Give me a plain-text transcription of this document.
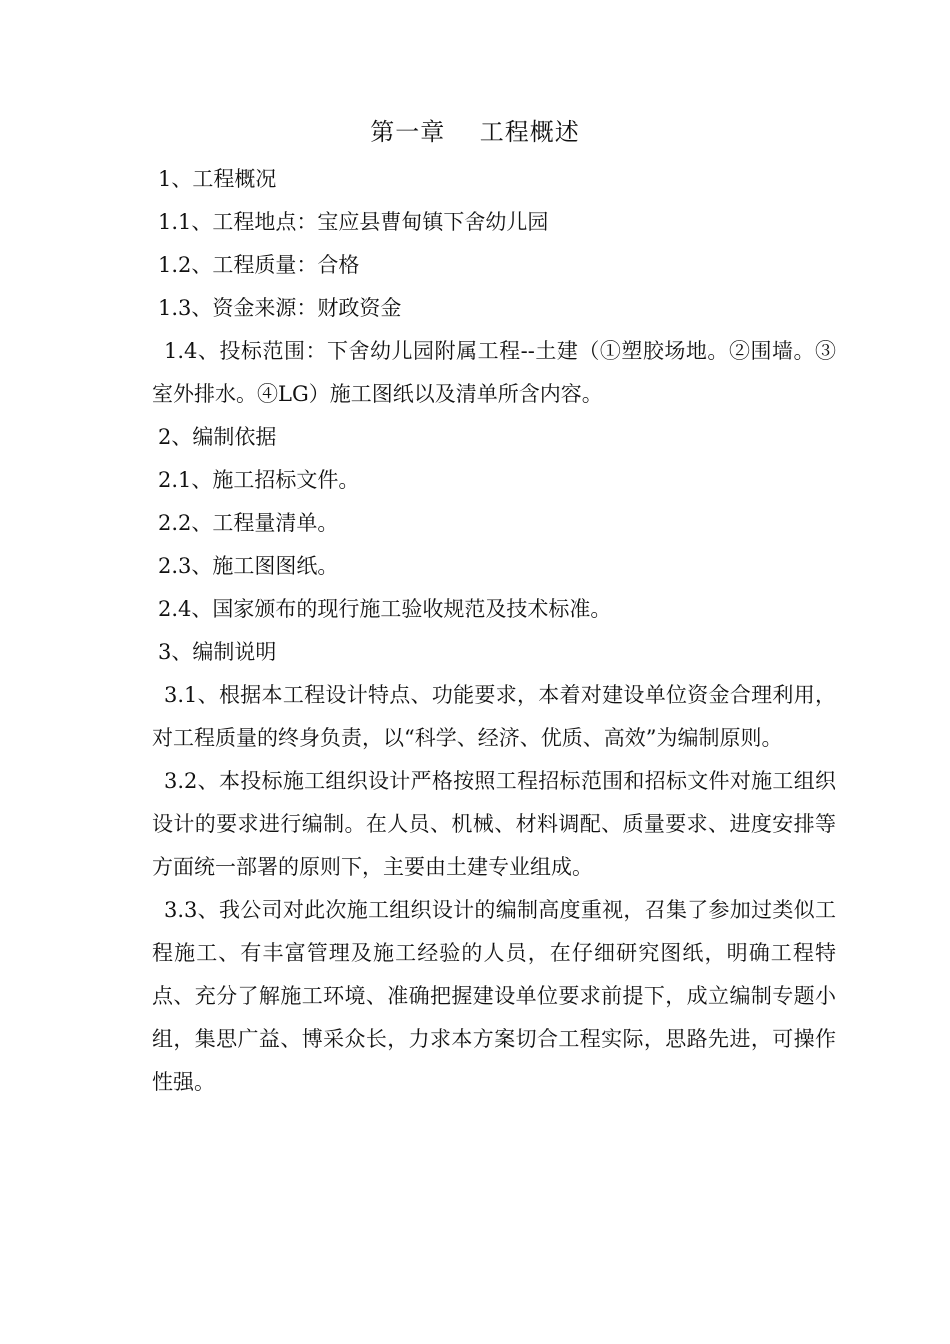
第一章    工程概述
1、工程概况
1.1、工程地点：宝应县曹甸镇下舍幼儿园
1.2、工程质量：合格
1.3、资金来源：财政资金
1.4、投标范围：下舍幼儿园附属工程--土建（①塑胶场地。②围墙。③室外排水。④LG）施工图纸以及清单所含内容。
2、编制依据
2.1、施工招标文件。
2.2、工程量清单。
2.3、施工图图纸。
2.4、国家颁布的现行施工验收规范及技术标准。
3、编制说明
3.1、根据本工程设计特点、功能要求，本着对建设单位资金合理利用，对工程质量的终身负责，以“科学、经济、优质、高效”为编制原则。
3.2、本投标施工组织设计严格按照工程招标范围和招标文件对施工组织设计的要求进行编制。在人员、机械、材料调配、质量要求、进度安排等方面统一部署的原则下，主要由土建专业组成。
3.3、我公司对此次施工组织设计的编制高度重视，召集了参加过类似工程施工、有丰富管理及施工经验的人员，在仔细研究图纸，明确工程特点、充分了解施工环境、准确把握建设单位要求前提下，成立编制专题小组，集思广益、博采众长，力求本方案切合工程实际，思路先进，可操作性强。
